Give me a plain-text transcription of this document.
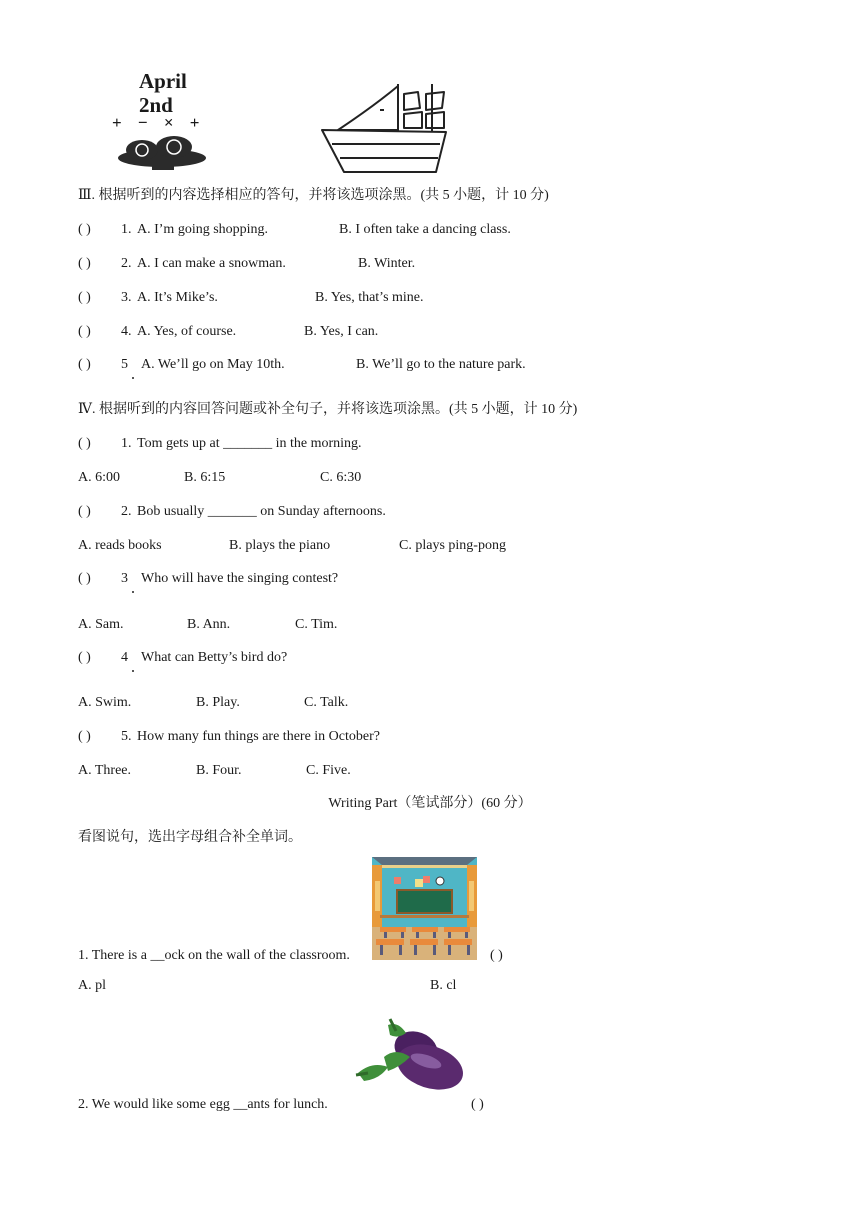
April
2nd
+ − × +
Ⅲ. 根据听到的内容选择相应的答句，并将该选项涂黑。(共 5 小题，计 10 分)
( ) 1. A. I’m going shopping.	B. I often take a dancing class.
( ) 2. A. I can make a snowman.	B. Winter.
( ) 3. A. It’s Mike’s.	B. Yes, that’s mine.
( ) 4. A. Yes, of course.	B. Yes, I can.
( ) 5 A. We’ll go on May 10th.	B. We’ll go to the nature park.
Ⅳ. 根据听到的内容回答问题或补全句子，并将该选项涂黑。(共 5 小题，计 10 分)
( ) 1. Tom gets up at _______ in the morning.
A. 6:00	B. 6:15	C. 6:30
( ) 2. Bob usually _______ on Sunday afternoons.
A. reads books	B. plays the piano	C. plays ping-pong
( ) 3 Who will have the singing contest?
A. Sam.	B. Ann.	C. Tim.
( ) 4 What can Betty’s bird do?
A. Swim.	B. Play.	C. Talk.
( ) 5. How many fun things are there in October?
A. Three.	B. Four.	C. Five.
Writing Part（笔试部分）(60 分）
看图说句，选出字母组合补全单词。
1. There is a __ock on the wall of the classroom.	( )
A. pl	B. cl
2. We would like some egg __ants for lunch.	( )
